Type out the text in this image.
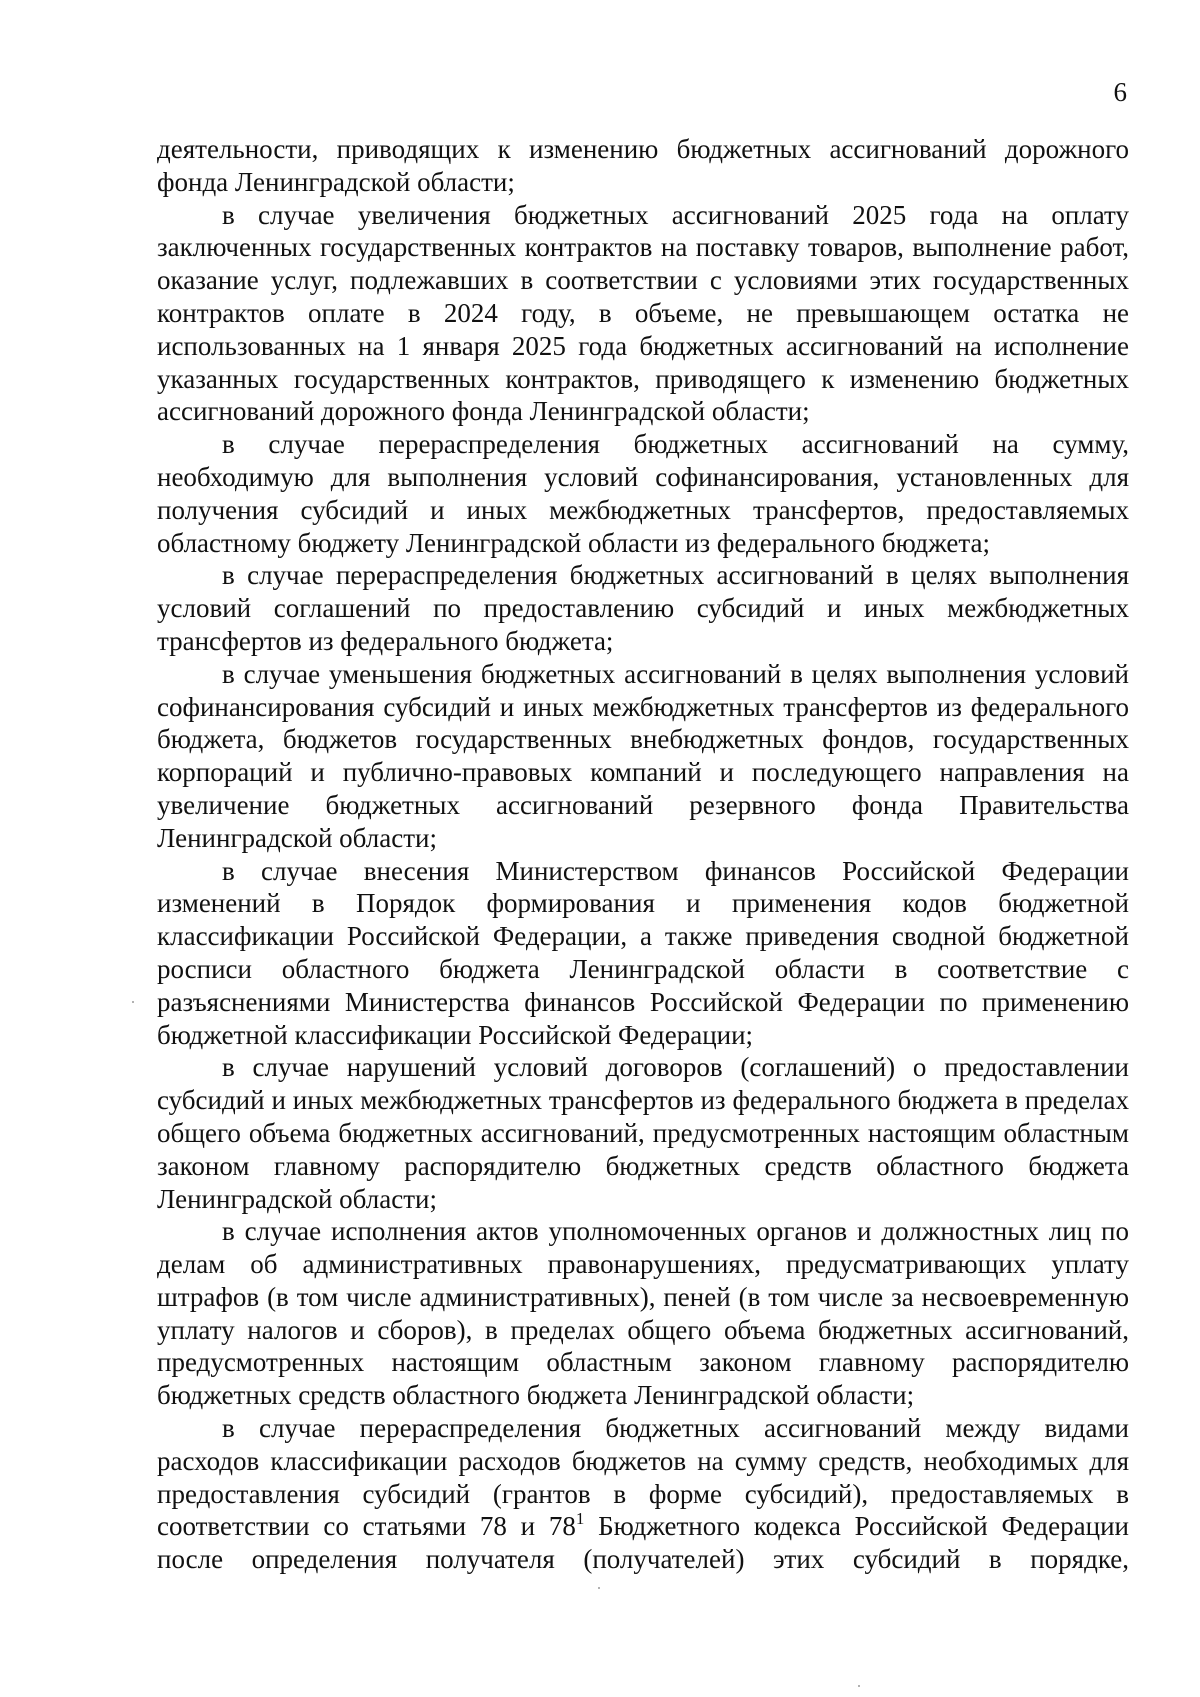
6

деятельности, приводящих к изменению бюджетных ассигнований дорожного фонда Ленинградской области;

в случае увеличения бюджетных ассигнований 2025 года на оплату заключенных государственных контрактов на поставку товаров, выполнение работ, оказание услуг, подлежавших в соответствии с условиями этих государственных контрактов оплате в 2024 году, в объеме, не превышающем остатка не использованных на 1 января 2025 года бюджетных ассигнований на исполнение указанных государственных контрактов, приводящего к изменению бюджетных ассигнований дорожного фонда Ленинградской области;

в случае перераспределения бюджетных ассигнований на сумму, необходимую для выполнения условий софинансирования, установленных для получения субсидий и иных межбюджетных трансфертов, предоставляемых областному бюджету Ленинградской области из федерального бюджета;

в случае перераспределения бюджетных ассигнований в целях выполнения условий соглашений по предоставлению субсидий и иных межбюджетных трансфертов из федерального бюджета;

в случае уменьшения бюджетных ассигнований в целях выполнения условий софинансирования субсидий и иных межбюджетных трансфертов из федерального бюджета, бюджетов государственных внебюджетных фондов, государственных корпораций и публично-правовых компаний и последующего направления на увеличение бюджетных ассигнований резервного фонда Правительства Ленинградской области;

в случае внесения Министерством финансов Российской Федерации изменений в Порядок формирования и применения кодов бюджетной классификации Российской Федерации, а также приведения сводной бюджетной росписи областного бюджета Ленинградской области в соответствие с разъяснениями Министерства финансов Российской Федерации по применению бюджетной классификации Российской Федерации;

в случае нарушений условий договоров (соглашений) о предоставлении субсидий и иных межбюджетных трансфертов из федерального бюджета в пределах общего объема бюджетных ассигнований, предусмотренных настоящим областным законом главному распорядителю бюджетных средств областного бюджета Ленинградской области;

в случае исполнения актов уполномоченных органов и должностных лиц по делам об административных правонарушениях, предусматривающих уплату штрафов (в том числе административных), пеней (в том числе за несвоевременную уплату налогов и сборов), в пределах общего объема бюджетных ассигнований, предусмотренных настоящим областным законом главному распорядителю бюджетных средств областного бюджета Ленинградской области;

в случае перераспределения бюджетных ассигнований между видами расходов классификации расходов бюджетов на сумму средств, необходимых для предоставления субсидий (грантов в форме субсидий), предоставляемых в соответствии со статьями 78 и $78^1$ Бюджетного кодекса Российской Федерации после определения получателя (получателей) этих субсидий в порядке,
